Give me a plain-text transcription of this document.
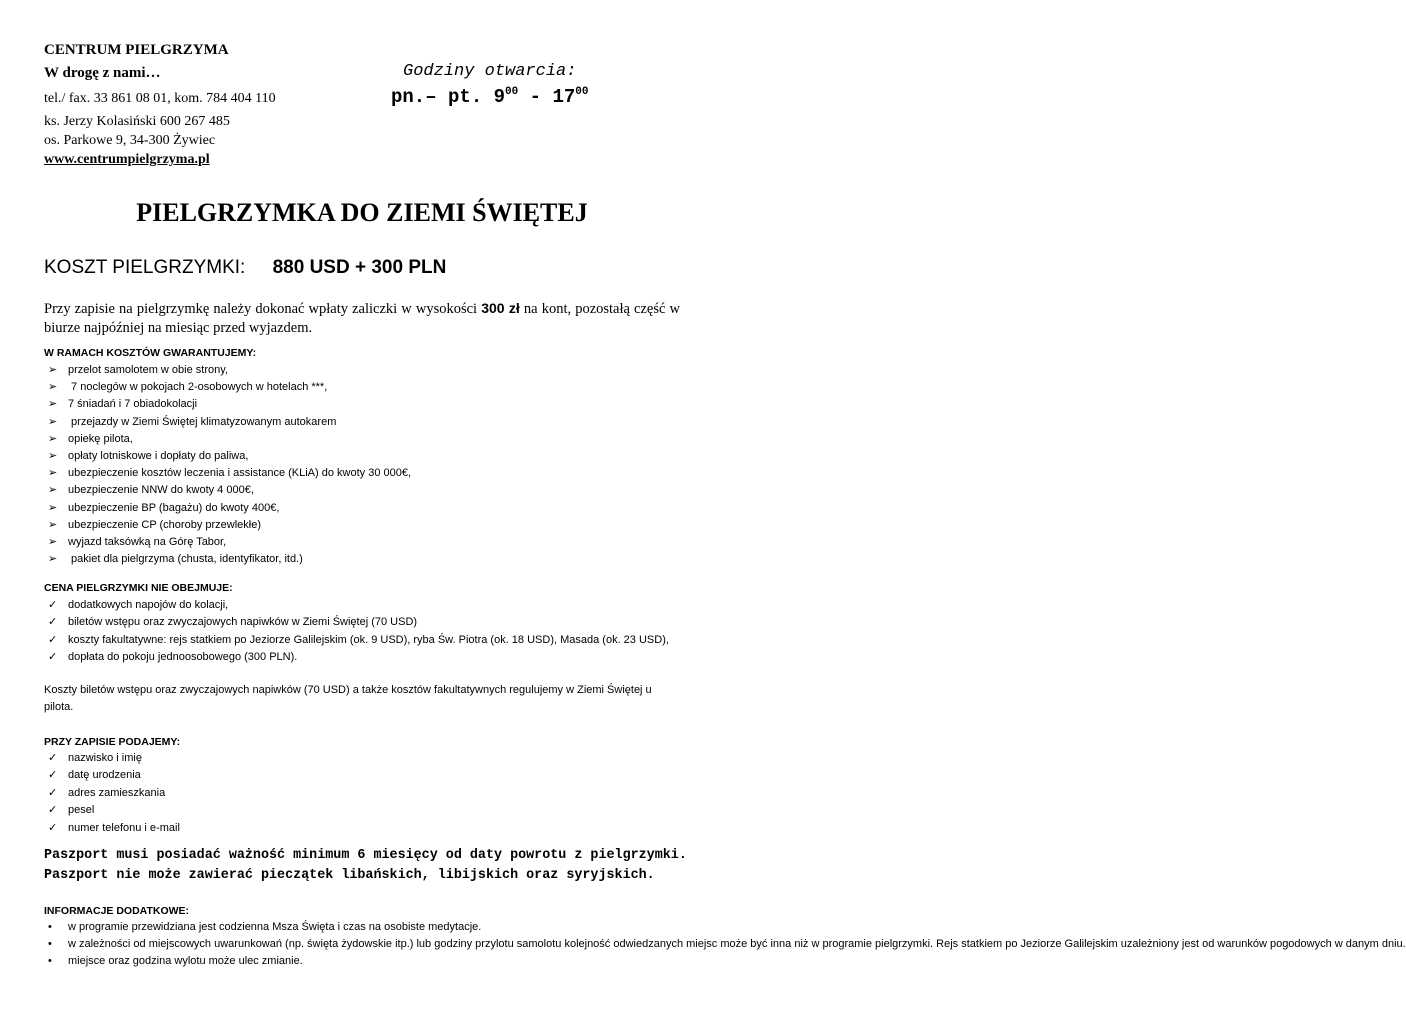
CENTRUM PIELGRZYMA
W drogę z nami…
tel./ fax. 33 861 08 01, kom. 784 404 110
ks. Jerzy Kolasiński 600 267 485
os. Parkowe 9, 34-300 Żywiec
www.centrumpielgrzyma.pl
Godziny otwarcia:
pn.– pt. $9^{00} - 17^{00}$
PIELGRZYMKA DO ZIEMI ŚWIĘTEJ
KOSZT PIELGRZYMKI: 880 USD + 300 PLN
Przy zapisie na pielgrzymkę należy dokonać wpłaty zaliczki w wysokości 300 zł na kont, pozostałą część w biurze najpóźniej na miesiąc przed wyjazdem.
W RAMACH KOSZTÓW GWARANTUJEMY:
➢ przelot samolotem w obie strony,
➢ 7 noclegów w pokojach 2-osobowych w hotelach ***,
➢ 7 śniadań i 7 obiadokolacji
➢ przejazdy w Ziemi Świętej klimatyzowanym autokarem
➢ opiekę pilota,
➢ opłaty lotniskowe i dopłaty do paliwa,
➢ ubezpieczenie kosztów leczenia i assistance (KLiA) do kwoty 30 000€,
➢ ubezpieczenie NNW do kwoty 4 000€,
➢ ubezpieczenie BP (bagażu) do kwoty 400€,
➢ ubezpieczenie CP (choroby przewlekłe)
➢ wyjazd taksówką na Górę Tabor,
➢ pakiet dla pielgrzyma (chusta, identyfikator, itd.)
CENA PIELGRZYMKI NIE OBEJMUJE:
✓ dodatkowych napojów do kolacji,
✓ biletów wstępu oraz zwyczajowych napiwków w Ziemi Świętej (70 USD)
✓ koszty fakultatywne: rejs statkiem po Jeziorze Galilejskim (ok. 9 USD), ryba Św. Piotra (ok. 18 USD), Masada (ok. 23 USD),
✓ dopłata do pokoju jednoosobowego (300 PLN).
Koszty biletów wstępu oraz zwyczajowych napiwków (70 USD) a także kosztów fakultatywnych regulujemy w Ziemi Świętej u pilota.
PRZY ZAPISIE PODAJEMY:
✓ nazwisko i imię
✓ datę urodzenia
✓ adres zamieszkania
✓ pesel
✓ numer telefonu i e-mail
Paszport musi posiadać ważność minimum 6 miesięcy od daty powrotu z pielgrzymki.
Paszport nie może zawierać pieczątek libańskich, libijskich oraz syryjskich.
INFORMACJE DODATKOWE:
• w programie przewidziana jest codzienna Msza Święta i czas na osobiste medytacje.
• w zależności od miejscowych uwarunkowań (np. święta żydowskie itp.) lub godziny przylotu samolotu kolejność odwiedzanych miejsc może być inna niż w programie pielgrzymki. Rejs statkiem po Jeziorze Galilejskim uzależniony jest od warunków pogodowych w danym dniu.
• miejsce oraz godzina wylotu może ulec zmianie.
